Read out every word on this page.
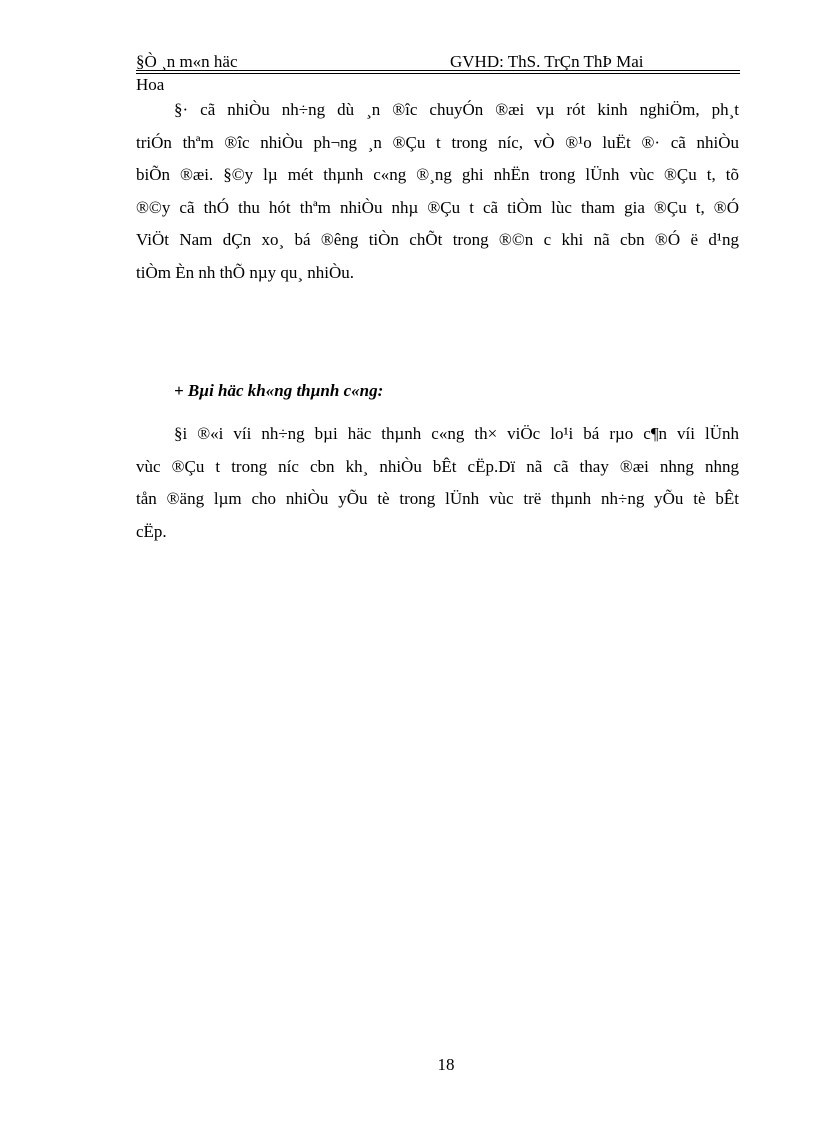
§Ò ¸n m«n häc	GVHD: ThS. TrÇn ThÞ Mai
Hoa
§· cã nhiÒu nh÷ng dù ¸n ®îc chuyÓn ®æi vµ rót kinh nghiÖm, ph¸t
triÓn thªm ®îc nhiÒu ph¬ng ¸n ®Çu t trong níc, vÒ ®¹o luËt ®· cã nhiÒu
biÕn ®æi. §©y lµ mét thµnh c«ng ®¸ng ghi nhËn trong lÜnh vùc ®Çu t, tõ
®©y cã thÓ thu hót thªm nhiÒu nhµ ®Çu t cã tiÒm lùc tham gia ®Çu t, ®Ó
ViÖt Nam dÇn xo¸ bá ®êng tiÒn chÕt trong ®©n c khi nã cbn ®Ó ë d¹ng
tiÒm Èn nh thÕ nµy qu¸ nhiÒu.

+ Bµi häc kh«ng thµnh c«ng:

§i ®«i víi nh÷ng bµi häc thµnh c«ng th× viÖc lo¹i bá rµo c¶n víi lÜnh
vùc ®Çu t trong níc cbn kh¸ nhiÒu bÊt cËp.Dï nã cã thay ®æi nhng nhng
tån ®äng lµm cho nhiÒu yÕu tè trong lÜnh vùc trë thµnh nh÷ng yÕu tè bÊt
cËp.
18
